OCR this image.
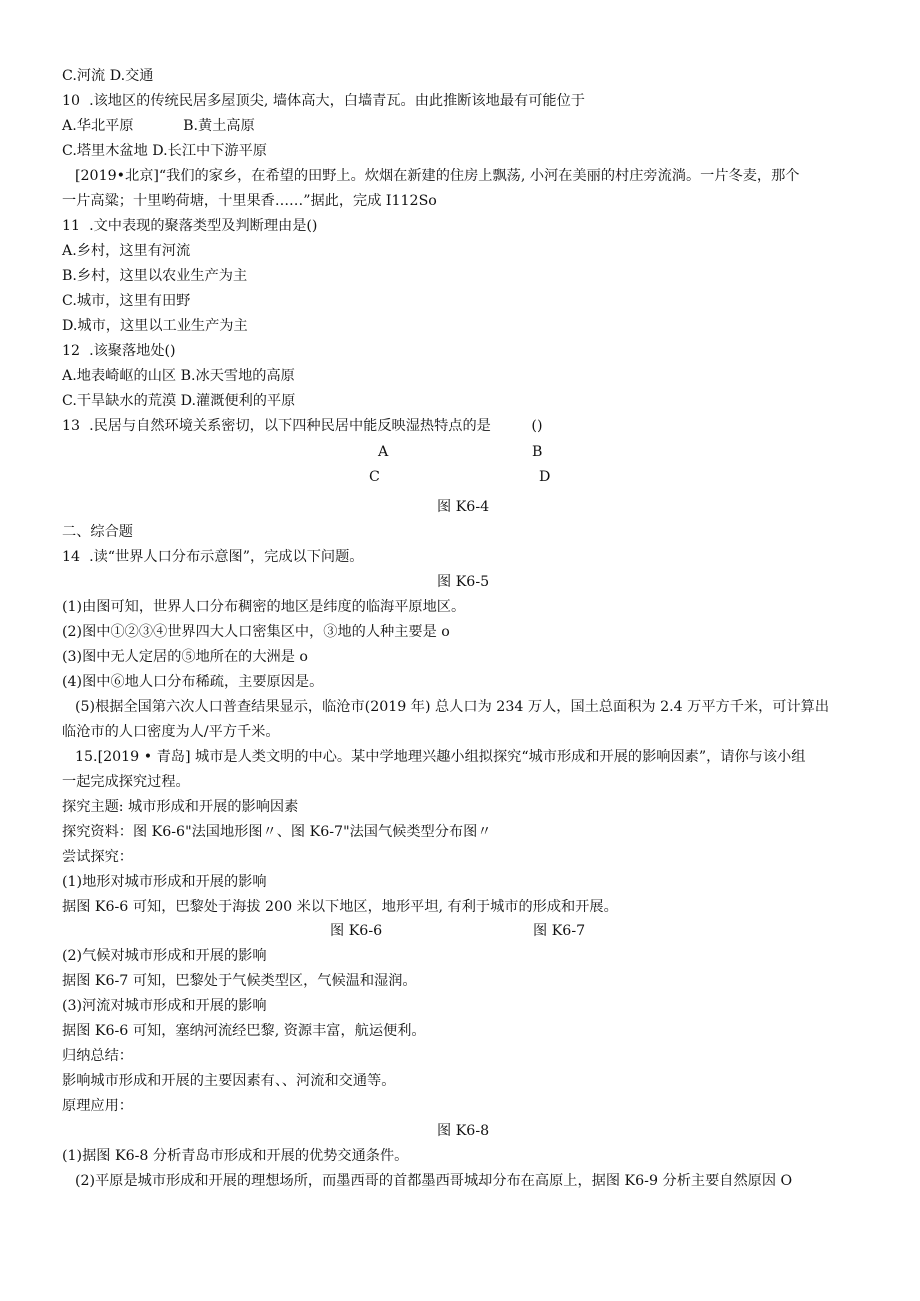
C.河流 D.交通
10  .该地区的传统民居多屋顶尖, 墙体高大，白墙青瓦。由此推断该地最有可能位于
A.华北平原           B.黄土高原
C.塔里木盆地 D.长江中下游平原
[2019•北京]“我们的家乡，在希望的田野上。炊烟在新建的住房上飘荡, 小河在美丽的村庄旁流淌。一片冬麦，那个
一片高粱；十里哟荷塘，十里果香……”据此，完成 I112So
11  .文中表现的聚落类型及判断理由是()
A.乡村，这里有河流
B.乡村，这里以农业生产为主
C.城市，这里有田野
D.城市，这里以工业生产为主
12  .该聚落地处()
A.地表崎岖的山区 B.冰天雪地的高原
C.干旱缺水的荒漠 D.灌溉便利的平原
13  .民居与自然环境关系密切，以下四种民居中能反映湿热特点的是         ()
A	B
C	D
图 K6-4
二、综合题
14  .读“世界人口分布示意图”，完成以下问题。
图 K6-5
(1)由图可知，世界人口分布稠密的地区是纬度的临海平原地区。
(2)图中①②③④世界四大人口密集区中，③地的人种主要是 o
(3)图中无人定居的⑤地所在的大洲是 o
(4)图中⑥地人口分布稀疏，主要原因是。
(5)根据全国第六次人口普查结果显示，临沧市(2019 年) 总人口为 234 万人，国土总面积为 2.4 万平方千米，可计算出
临沧市的人口密度为人/平方千米。
15.[2019 • 青岛] 城市是人类文明的中心。某中学地理兴趣小组拟探究“城市形成和开展的影响因素”，请你与该小组
一起完成探究过程。
探究主题: 城市形成和开展的影响因素
探究资料：图 K6-6"法国地形图〃、图 K6-7"法国气候类型分布图〃
尝试探究：
(1)地形对城市形成和开展的影响
据图 K6-6 可知，巴黎处于海拔 200 米以下地区，地形平坦, 有利于城市的形成和开展。
图 K6-6	图 K6-7
(2)气候对城市形成和开展的影响
据图 K6-7 可知，巴黎处于气候类型区，气候温和湿润。
(3)河流对城市形成和开展的影响
据图 K6-6 可知，塞纳河流经巴黎, 资源丰富，航运便利。
归纳总结：
影响城市形成和开展的主要因素有、、河流和交通等。
原理应用：
图 K6-8
(1)据图 K6-8 分析青岛市形成和开展的优势交通条件。
(2)平原是城市形成和开展的理想场所，而墨西哥的首都墨西哥城却分布在高原上，据图 K6-9 分析主要自然原因 O
